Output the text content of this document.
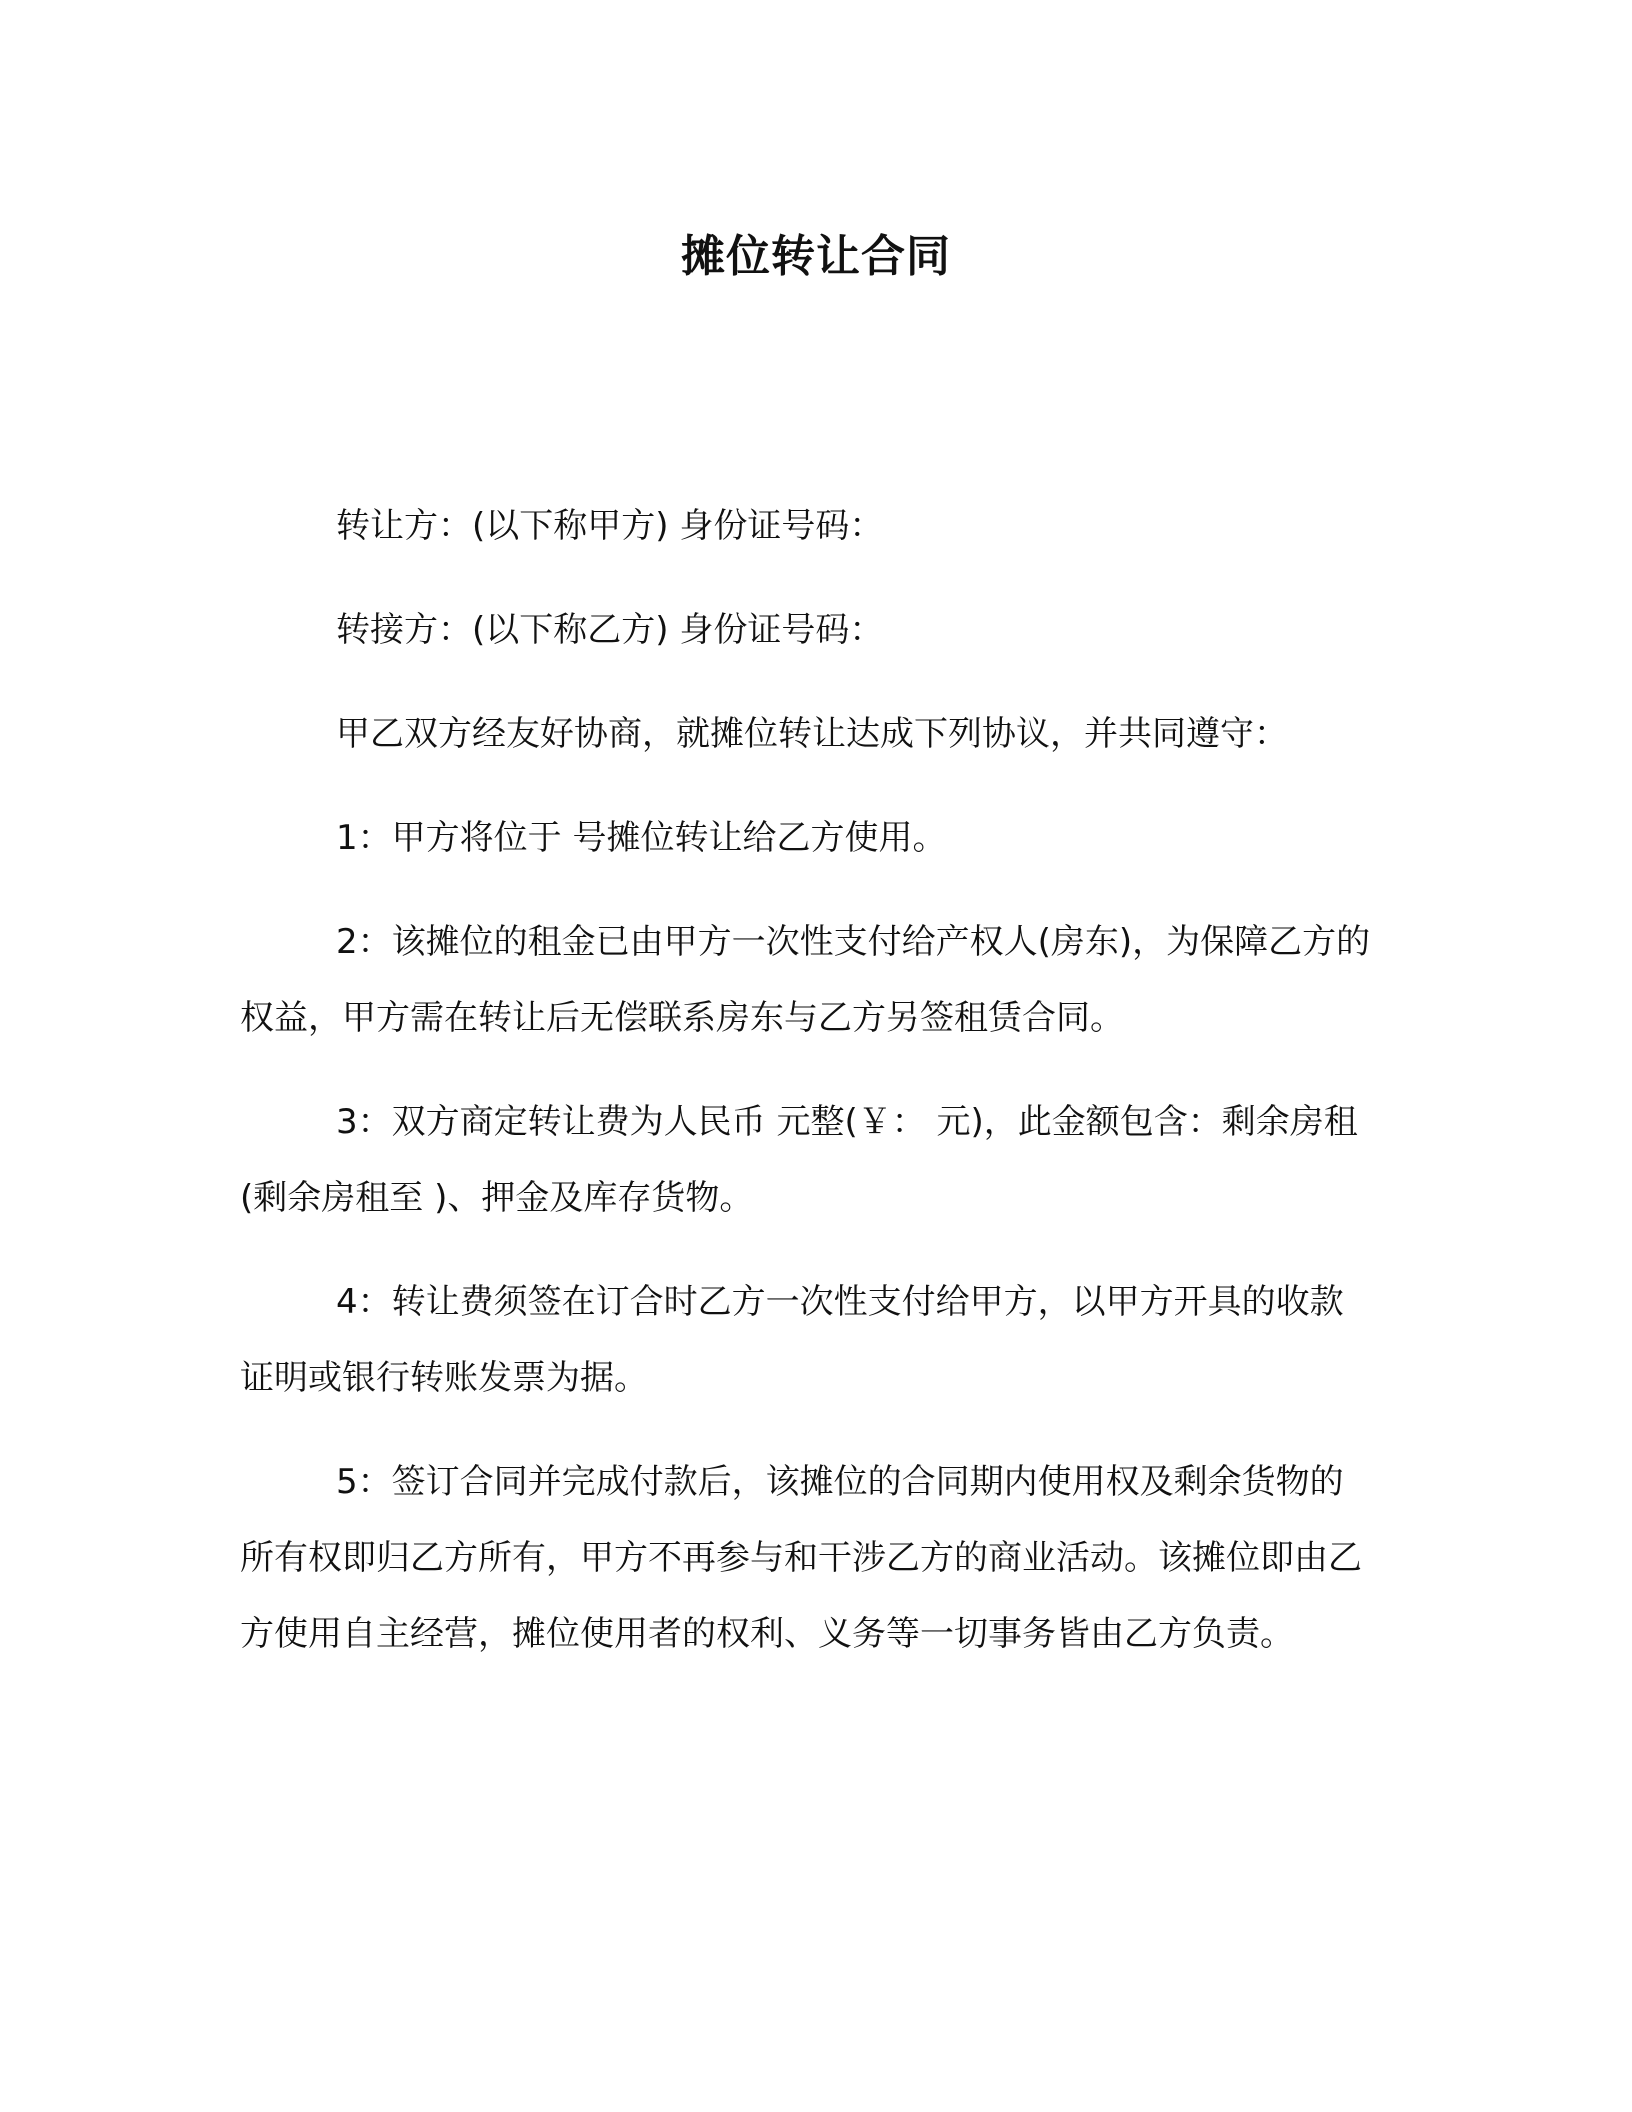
摊位转让合同

转让方：(以下称甲方) 身份证号码：

转接方：(以下称乙方) 身份证号码：

甲乙双方经友好协商，就摊位转让达成下列协议，并共同遵守：

1：甲方将位于 号摊位转让给乙方使用。

2：该摊位的租金已由甲方一次性支付给产权人(房东)，为保障乙方的权益，甲方需在转让后无偿联系房东与乙方另签租赁合同。

3：双方商定转让费为人民币 元整(￥： 元)，此金额包含：剩余房租(剩余房租至 )、押金及库存货物。

4：转让费须签在订合时乙方一次性支付给甲方，以甲方开具的收款证明或银行转账发票为据。

5：签订合同并完成付款后，该摊位的合同期内使用权及剩余货物的所有权即归乙方所有，甲方不再参与和干涉乙方的商业活动。该摊位即由乙方使用自主经营，摊位使用者的权利、义务等一切事务皆由乙方负责。
